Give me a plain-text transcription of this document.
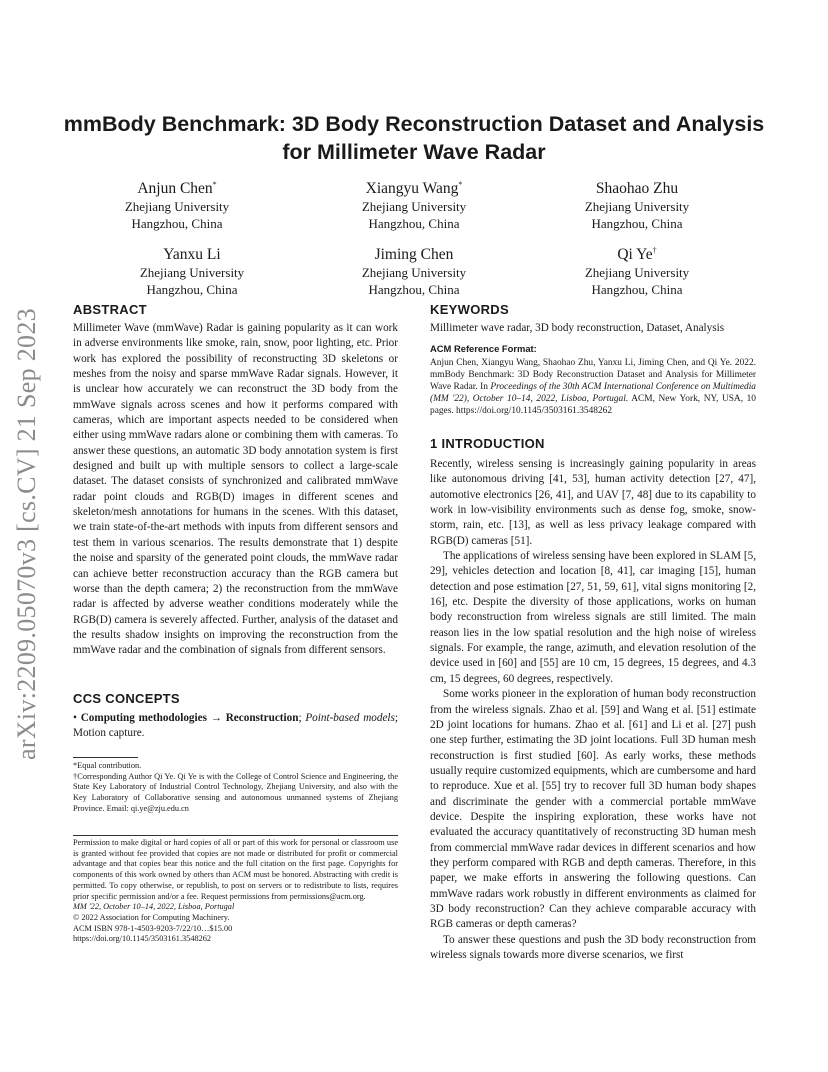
arXiv:2209.05070v3 [cs.CV] 21 Sep 2023
mmBody Benchmark: 3D Body Reconstruction Dataset and Analysis for Millimeter Wave Radar
Anjun Chen*
Zhejiang University
Hangzhou, China
Xiangyu Wang*
Zhejiang University
Hangzhou, China
Shaohao Zhu
Zhejiang University
Hangzhou, China
Yanxu Li
Zhejiang University
Hangzhou, China
Jiming Chen
Zhejiang University
Hangzhou, China
Qi Ye†
Zhejiang University
Hangzhou, China
ABSTRACT

Millimeter Wave (mmWave) Radar is gaining popularity as it can work in adverse environments like smoke, rain, snow, poor lighting, etc. Prior work has explored the possibility of reconstructing 3D skeletons or meshes from the noisy and sparse mmWave Radar signals. However, it is unclear how accurately we can reconstruct the 3D body from the mmWave signals across scenes and how it performs compared with cameras, which are important aspects needed to be considered when either using mmWave radars alone or combining them with cameras. To answer these questions, an automatic 3D body annotation system is first designed and built up with multiple sensors to collect a large-scale dataset. The dataset consists of synchronized and calibrated mmWave radar point clouds and RGB(D) images in different scenes and skeleton/mesh annotations for humans in the scenes. With this dataset, we train state-of-the-art methods with inputs from different sensors and test them in various scenarios. The results demonstrate that 1) despite the noise and sparsity of the generated point clouds, the mmWave radar can achieve better reconstruction accuracy than the RGB camera but worse than the depth camera; 2) the reconstruction from the mmWave radar is affected by adverse weather conditions moderately while the RGB(D) camera is severely affected. Further, analysis of the dataset and the results shadow insights on improving the reconstruction from the mmWave radar and the combination of signals from different sensors.

CCS CONCEPTS

• Computing methodologies → Reconstruction; Point-based models; Motion capture.

*Equal contribution.
†Corresponding Author Qi Ye. Qi Ye is with the College of Control Science and Engineering, the State Key Laboratory of Industrial Control Technology, Zhejiang University, and also with the Key Laboratory of Collaborative sensing and autonomous unmanned systems of Zhejiang Province. Email: qi.ye@zju.edu.cn
Permission to make digital or hard copies of all or part of this work for personal or classroom use is granted without fee provided that copies are not made or distributed for profit or commercial advantage and that copies bear this notice and the full citation on the first page. Copyrights for components of this work owned by others than ACM must be honored. Abstracting with credit is permitted. To copy otherwise, or republish, to post on servers or to redistribute to lists, requires prior specific permission and/or a fee. Request permissions from permissions@acm.org.
MM '22, October 10–14, 2022, Lisboa, Portugal
© 2022 Association for Computing Machinery.
ACM ISBN 978-1-4503-9203-7/22/10…$15.00
https://doi.org/10.1145/3503161.3548262
KEYWORDS

Millimeter wave radar, 3D body reconstruction, Dataset, Analysis

ACM Reference Format:
Anjun Chen, Xiangyu Wang, Shaohao Zhu, Yanxu Li, Jiming Chen, and Qi Ye. 2022. mmBody Benchmark: 3D Body Reconstruction Dataset and Analysis for Millimeter Wave Radar. In Proceedings of the 30th ACM International Conference on Multimedia (MM '22), October 10–14, 2022, Lisboa, Portugal. ACM, New York, NY, USA, 10 pages. https://doi.org/10.1145/3503161.3548262
1 INTRODUCTION

Recently, wireless sensing is increasingly gaining popularity in areas like autonomous driving [41, 53], human activity detection [27, 47], automotive electronics [26, 41], and UAV [7, 48] due to its capability to work in low-visibility environments such as dense fog, smoke, snow-storm, rain, etc. [13], as well as less privacy leakage compared with RGB(D) cameras [51].

The applications of wireless sensing have been explored in SLAM [5, 29], vehicles detection and location [8, 41], car imaging [15], human detection and pose estimation [27, 51, 59, 61], vital signs monitoring [2, 16], etc. Despite the diversity of those applications, works on human body reconstruction from wireless signals are still limited. The main reason lies in the low spatial resolution and the high noise of wireless signals. For example, the range, azimuth, and elevation resolution of the device used in [60] and [55] are 10 cm, 15 degrees, 15 degrees, and 4.3 cm, 15 degrees, 60 degrees, respectively.

Some works pioneer in the exploration of human body reconstruction from the wireless signals. Zhao et al. [59] and Wang et al. [51] estimate 2D joint locations for humans. Zhao et al. [61] and Li et al. [27] push one step further, estimating the 3D joint locations. Full 3D human mesh reconstruction is first studied [60]. As early works, these methods usually require customized equipments, which are cumbersome and hard to reproduce. Xue et al. [55] try to recover full 3D human body shapes and discriminate the gender with a commercial portable mmWave device. Despite the inspiring exploration, these works have not evaluated the accuracy quantitatively of reconstructing 3D human mesh from commercial mmWave radar devices in different scenarios and how they perform compared with RGB and depth cameras. Therefore, in this paper, we make efforts in answering the following questions. Can mmWave radars work robustly in different environments as claimed for 3D body reconstruction? Can they achieve comparable accuracy with RGB cameras or depth cameras?

To answer these questions and push the 3D body reconstruction from wireless signals towards more diverse scenarios, we first
